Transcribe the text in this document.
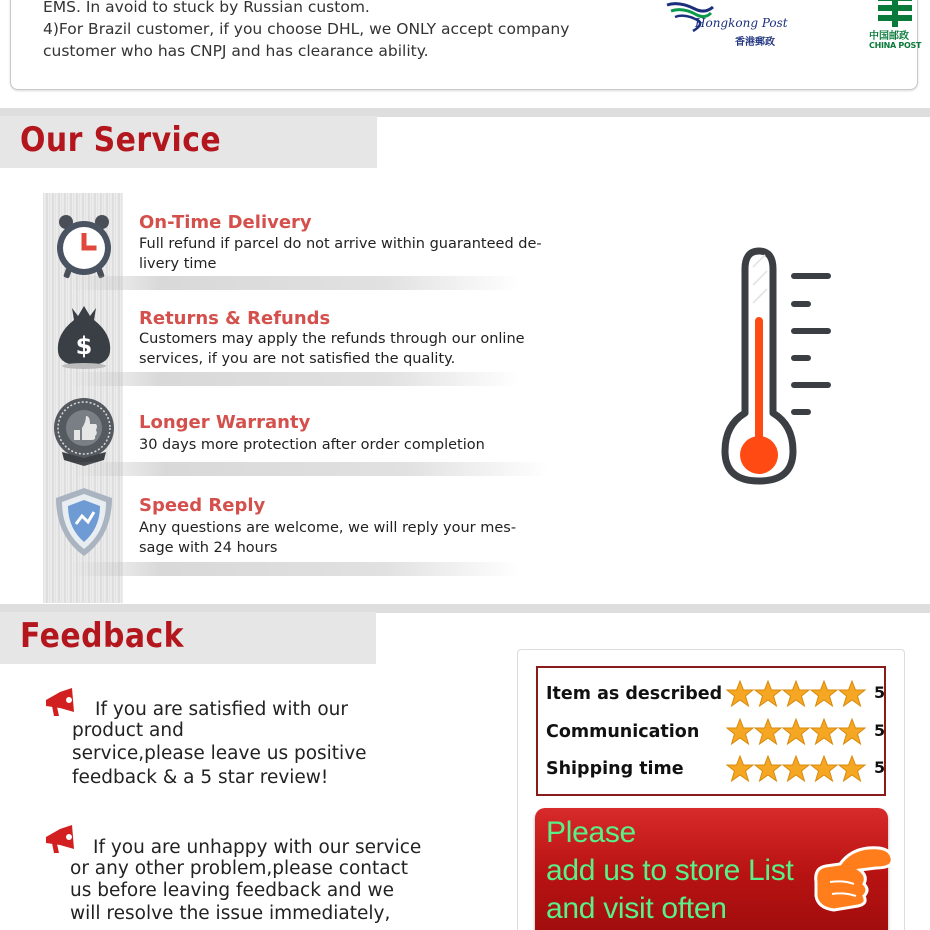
EMS. In avoid to stuck by Russian custom.
4)For Brazil customer, if you choose DHL, we ONLY accept company
customer who has CNPJ and has clearance ability.
Hongkong Post
香港郵政
中国邮政
CHINA POST
Our Service
On-Time Delivery
Full refund if parcel do not arrive within guaranteed de-
livery time
$
Returns & Refunds
Customers may apply the refunds through our online
services, if you are not satisfied the quality.
Longer Warranty
30 days more protection after order completion
Speed Reply
Any questions are welcome, we will reply your mes-
sage with 24 hours
Feedback
If you are satisfied with our
product and
service,please leave us positive
feedback & a 5 star review!
If you are unhappy with our service
or any other problem,please contact
us before leaving feedback and we
will resolve the issue immediately,
Item as described	5
Communication	5
Shipping time	5
Please
add us to store List
and visit often
